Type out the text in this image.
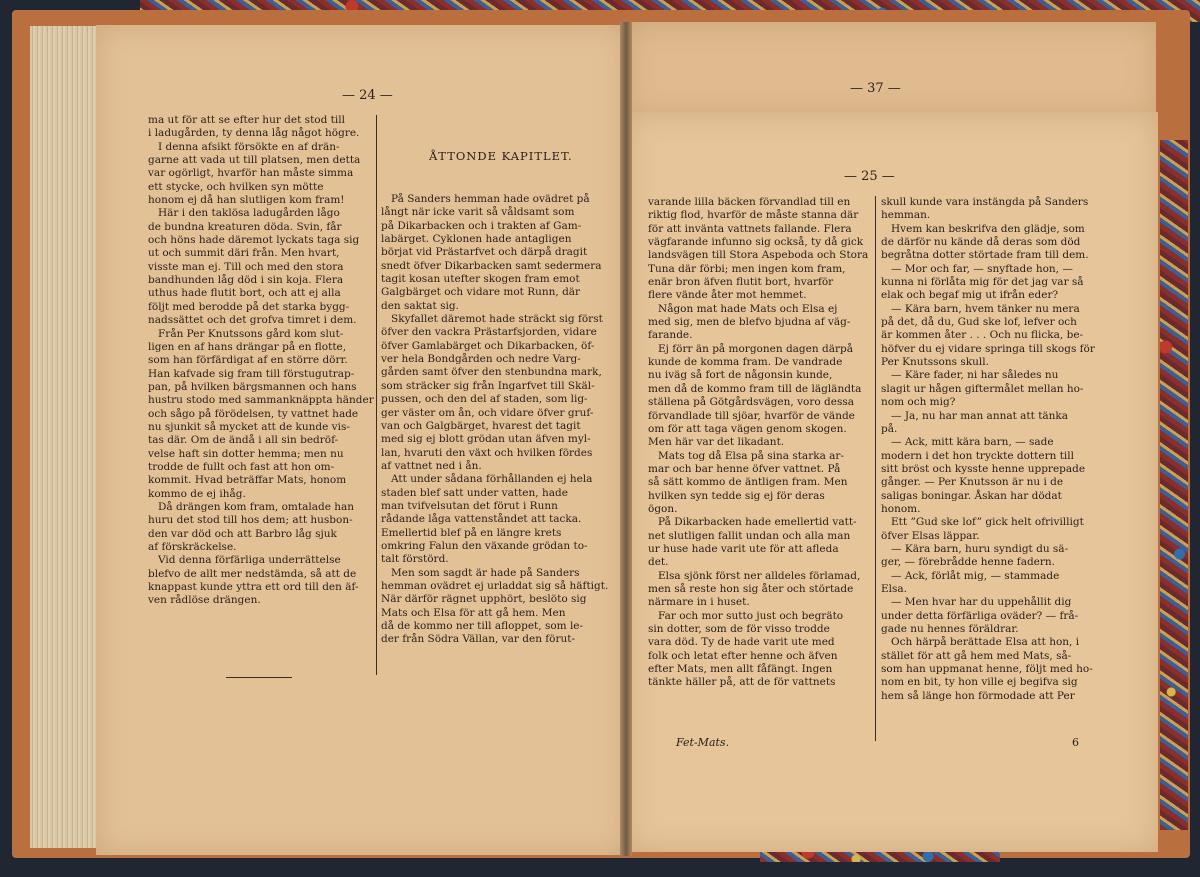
— 24 —
ma ut för att se efter hur det stod till
i ladugården, ty denna låg något högre.
I denna afsikt försökte en af drän-
garne att vada ut till platsen, men detta
var ogörligt, hvarför han måste simma
ett stycke, och hvilken syn mötte
honom ej då han slutligen kom fram!
Här i den taklösa ladugården lågo
de bundna kreaturen döda. Svin, får
och höns hade däremot lyckats taga sig
ut och summit däri från. Men hvart,
visste man ej. Till och med den stora
bandhunden låg död i sin koja. Flera
uthus hade flutit bort, och att ej alla
följt med berodde på det starka bygg-
nadssättet och det grofva timret i dem.
Från Per Knutssons gård kom slut-
ligen en af hans drängar på en flotte,
som han förfärdigat af en större dörr.
Han kafvade sig fram till förstugutrap-
pan, på hvilken bärgsmannen och hans
hustru stodo med sammanknäppta händer
och sågo på förödelsen, ty vattnet hade
nu sjunkit så mycket att de kunde vis-
tas där. Om de ändå i all sin bedröf-
velse haft sin dotter hemma; men nu
trodde de fullt och fast att hon om-
kommit. Hvad beträffar Mats, honom
kommo de ej ihåg.
Då drängen kom fram, omtalade han
huru det stod till hos dem; att husbon-
den var död och att Barbro låg sjuk
af förskräckelse.
Vid denna förfärliga underrättelse
blefvo de allt mer nedstämda, så att de
knappast kunde yttra ett ord till den äf-
ven rådlöse drängen.
ÅTTONDE KAPITLET.
På Sanders hemman hade ovädret på
långt när icke varit så våldsamt som
på Dikarbacken och i trakten af Gam-
labärget. Cyklonen hade antagligen
börjat vid Prästarfvet och därpå dragit
snedt öfver Dikarbacken samt sedermera
tagit kosan utefter skogen fram emot
Galgbärget och vidare mot Runn, där
den saktat sig.
Skyfallet däremot hade sträckt sig först
öfver den vackra Prästarfsjorden, vidare
öfver Gamlabärget och Dikarbacken, öf-
ver hela Bondgården och nedre Varg-
gården samt öfver den stenbundna mark,
som sträcker sig från Ingarfvet till Skäl-
pussen, och den del af staden, som lig-
ger väster om ån, och vidare öfver gruf-
van och Galgbärget, hvarest det tagit
med sig ej blott grödan utan äfven myl-
lan, hvaruti den växt och hvilken fördes
af vattnet ned i ån.
Att under sådana förhållanden ej hela
staden blef satt under vatten, hade
man tvifvelsutan det förut i Runn
rådande låga vattenståndet att tacka.
Emellertid blef på en längre krets
omkring Falun den växande grödan to-
talt förstörd.
Men som sagdt är hade på Sanders
hemman ovädret ej urladdat sig så häftigt.
När därför rägnet upphört, beslöto sig
Mats och Elsa för att gå hem. Men
då de kommo ner till afloppet, som le-
der från Södra Vällan, var den förut-
— 37 —
— 25 —
varande lilla bäcken förvandlad till en
riktig flod, hvarför de måste stanna där
för att invänta vattnets fallande. Flera
vägfarande infunno sig också, ty då gick
landsvägen till Stora Aspeboda och Stora
Tuna där förbi; men ingen kom fram,
enär bron äfven flutit bort, hvarför
flere vände åter mot hemmet.
Någon mat hade Mats och Elsa ej
med sig, men de blefvo bjudna af väg-
farande.
Ej förr än på morgonen dagen därpå
kunde de komma fram. De vandrade
nu iväg så fort de någonsin kunde,
men då de kommo fram till de lägländta
ställena på Götgårdsvägen, voro dessa
förvandlade till sjöar, hvarför de vände
om för att taga vägen genom skogen.
Men här var det likadant.
Mats tog då Elsa på sina starka ar-
mar och bar henne öfver vattnet. På
så sätt kommo de äntligen fram. Men
hvilken syn tedde sig ej för deras
ögon.
På Dikarbacken hade emellertid vatt-
net slutligen fallit undan och alla man
ur huse hade varit ute för att afleda
det.
Elsa sjönk först ner alldeles förlamad,
men så reste hon sig åter och störtade
närmare in i huset.
Far och mor sutto just och begräto
sin dotter, som de för visso trodde
vara död. Ty de hade varit ute med
folk och letat efter henne och äfven
efter Mats, men allt fåfängt. Ingen
tänkte häller på, att de för vattnets
skull kunde vara instängda på Sanders
hemman.
Hvem kan beskrifva den glädje, som
de därför nu kände då deras som död
begråtna dotter störtade fram till dem.
— Mor och far, — snyftade hon, —
kunna ni förlåta mig för det jag var så
elak och begaf mig ut ifrån eder?
— Kära barn, hvem tänker nu mera
på det, då du, Gud ske lof, lefver och
är kommen åter . . . Och nu flicka, be-
höfver du ej vidare springa till skogs för
Per Knutssons skull.
— Käre fader, ni har således nu
slagit ur hågen giftermålet mellan ho-
nom och mig?
— Ja, nu har man annat att tänka
på.
— Ack, mitt kära barn, — sade
modern i det hon tryckte dottern till
sitt bröst och kysste henne upprepade
gånger. — Per Knutsson är nu i de
saligas boningar. Åskan har dödat
honom.
Ett ”Gud ske lof” gick helt ofrivilligt
öfver Elsas läppar.
— Kära barn, huru syndigt du sä-
ger, — förebrådde henne fadern.
— Ack, förlåt mig, — stammade
Elsa.
— Men hvar har du uppehållit dig
under detta förfärliga oväder? — frå-
gade nu hennes föräldrar.
Och härpå berättade Elsa att hon, i
stället för att gå hem med Mats, så-
som han uppmanat henne, följt med ho-
nom en bit, ty hon ville ej begifva sig
hem så länge hon förmodade att Per
Fet-Mats.	6
